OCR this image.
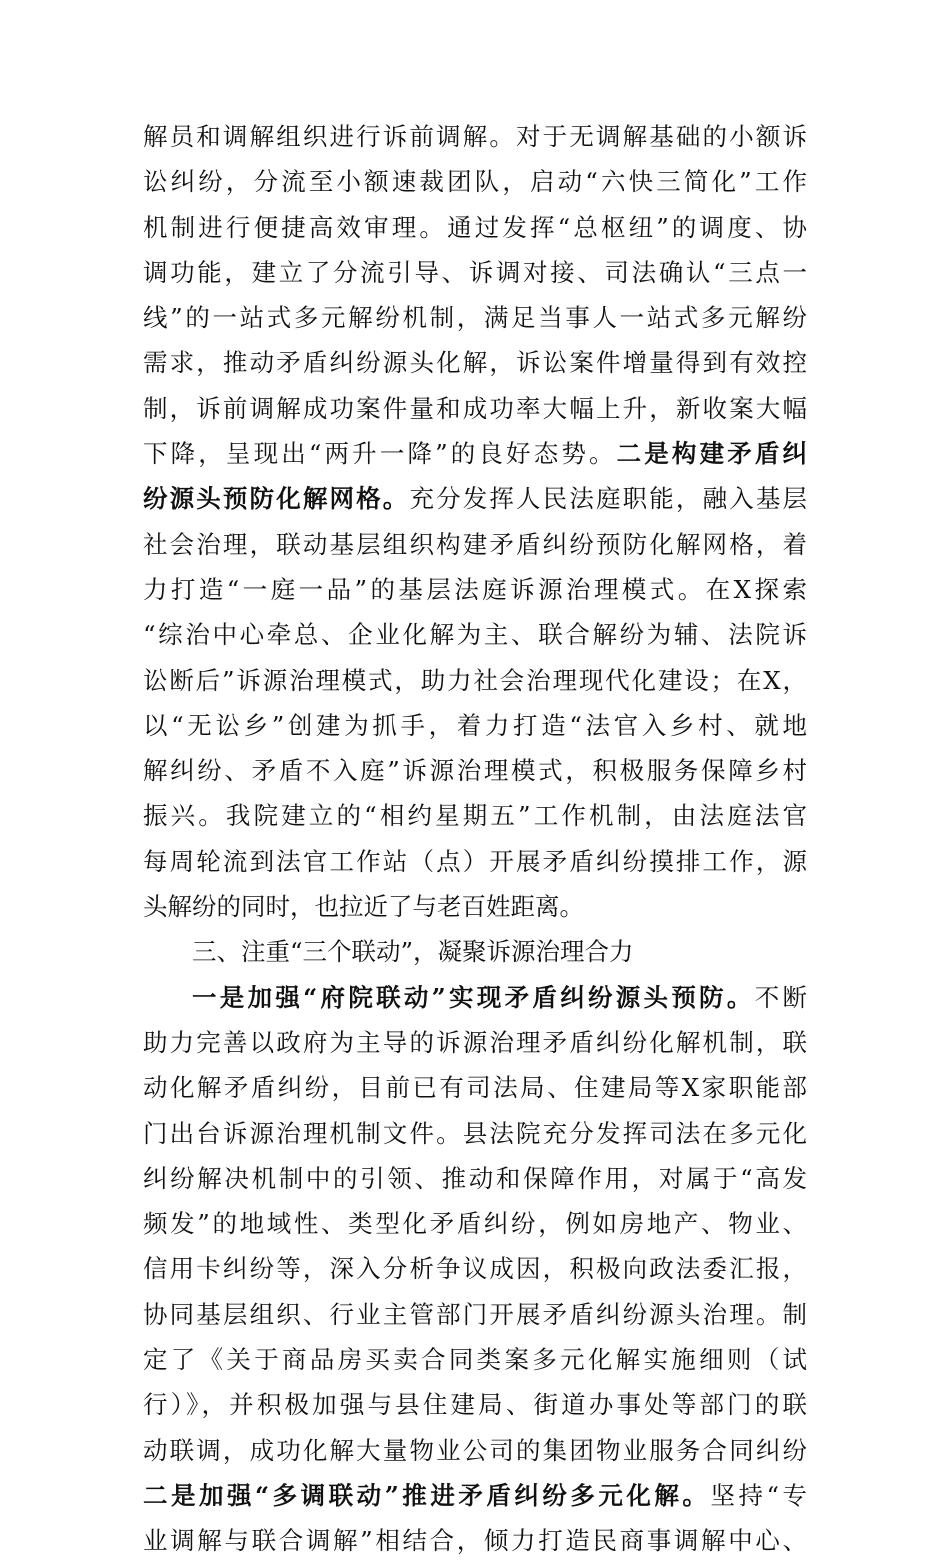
解员和调解组织进行诉前调解。对于无调解基础的小额诉
讼纠纷，分流至小额速裁团队，启动“六快三简化”工作
机制进行便捷高效审理。通过发挥“总枢纽”的调度、协
调功能，建立了分流引导、诉调对接、司法确认“三点一
线”的一站式多元解纷机制，满足当事人一站式多元解纷
需求，推动矛盾纠纷源头化解，诉讼案件增量得到有效控
制，诉前调解成功案件量和成功率大幅上升，新收案大幅
下降，呈现出“两升一降”的良好态势。二是构建矛盾纠
纷源头预防化解网格。充分发挥人民法庭职能，融入基层
社会治理，联动基层组织构建矛盾纠纷预防化解网格，着
力打造“一庭一品”的基层法庭诉源治理模式。在X探索
“综治中心牵总、企业化解为主、联合解纷为辅、法院诉
讼断后”诉源治理模式，助力社会治理现代化建设；在X，
以“无讼乡”创建为抓手，着力打造“法官入乡村、就地
解纠纷、矛盾不入庭”诉源治理模式，积极服务保障乡村
振兴。我院建立的“相约星期五”工作机制，由法庭法官
每周轮流到法官工作站（点）开展矛盾纠纷摸排工作，源
头解纷的同时，也拉近了与老百姓距离。
三、注重“三个联动”，凝聚诉源治理合力
一是加强“府院联动”实现矛盾纠纷源头预防。不断
助力完善以政府为主导的诉源治理矛盾纠纷化解机制，联
动化解矛盾纠纷，目前已有司法局、住建局等X家职能部
门出台诉源治理机制文件。县法院充分发挥司法在多元化
纠纷解决机制中的引领、推动和保障作用，对属于“高发
频发”的地域性、类型化矛盾纠纷，例如房地产、物业、
信用卡纠纷等，深入分析争议成因，积极向政法委汇报，
协同基层组织、行业主管部门开展矛盾纠纷源头治理。制
定了《关于商品房买卖合同类案多元化解实施细则（试
行）》，并积极加强与县住建局、街道办事处等部门的联
动联调，成功化解大量物业公司的集团物业服务合同纠纷
二是加强“多调联动”推进矛盾纠纷多元化解。坚持“专
业调解与联合调解”相结合，倾力打造民商事调解中心、
